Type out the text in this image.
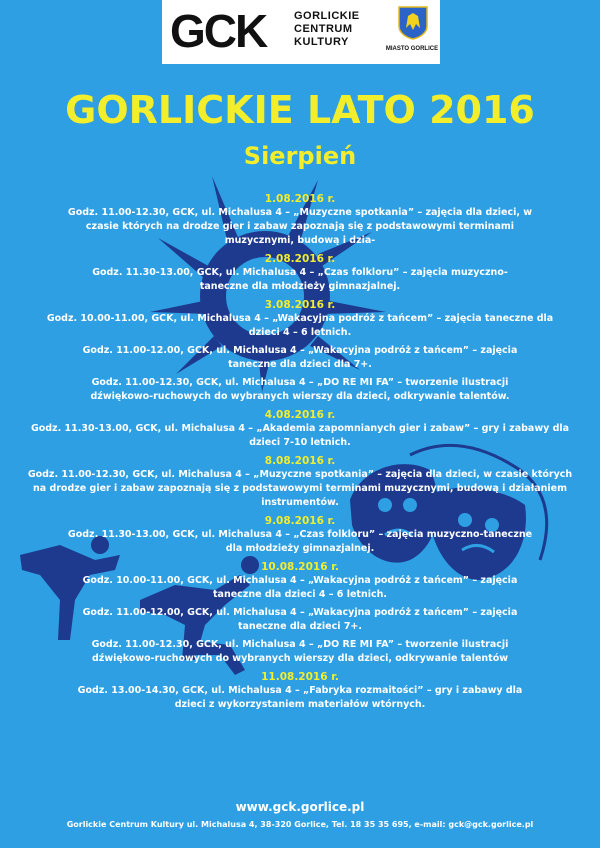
GCK	GORLICKIE
CENTRUM
KULTURY
MIASTO GORLICE
GORLICKIE LATO 2016
Sierpień
1.08.2016 r.
Godz. 11.00-12.30, GCK, ul. Michalusa 4 – „Muzyczne spotkania” – zajęcia dla dzieci, w czasie których na drodze gier i zabaw zapoznają się z podstawowymi terminami muzycznymi, budową i dzia-
2.08.2016 r.
Godz. 11.30-13.00, GCK, ul. Michalusa 4 – „Czas folkloru” – zajęcia muzyczno-taneczne dla młodzieży gimnazjalnej.
3.08.2016 r.
Godz. 10.00-11.00, GCK, ul. Michalusa 4 – „Wakacyjna podróż z tańcem” – zajęcia taneczne dla dzieci 4 – 6 letnich.
Godz. 11.00-12.00, GCK, ul. Michalusa 4 – „Wakacyjna podróż z tańcem” – zajęcia taneczne dla dzieci dla 7+.
Godz. 11.00-12.30, GCK, ul. Michalusa 4 – „DO RE MI FA” – tworzenie ilustracji dźwiękowo-ruchowych do wybranych wierszy dla dzieci, odkrywanie talentów.
4.08.2016 r.
Godz. 11.30-13.00, GCK, ul. Michalusa 4 – „Akademia zapomnianych gier i zabaw” – gry i zabawy dla dzieci 7-10 letnich.
8.08.2016 r.
Godz. 11.00-12.30, GCK, ul. Michalusa 4 – „Muzyczne spotkania” – zajęcia dla dzieci, w czasie których na drodze gier i zabaw zapoznają się z podstawowymi terminami muzycznymi, budową i działaniem instrumentów.
9.08.2016 r.
Godz. 11.30-13.00, GCK, ul. Michalusa 4 – „Czas folkloru” – zajęcia muzyczno-taneczne dla młodzieży gimnazjalnej.
10.08.2016 r.
Godz. 10.00-11.00, GCK, ul. Michalusa 4 – „Wakacyjna podróż z tańcem” – zajęcia taneczne dla dzieci 4 – 6 letnich.
Godz. 11.00-12.00, GCK, ul. Michalusa 4 – „Wakacyjna podróż z tańcem” – zajęcia taneczne dla dzieci 7+.
Godz. 11.00-12.30, GCK, ul. Michalusa 4 – „DO RE MI FA” – tworzenie ilustracji dźwiękowo-ruchowych do wybranych wierszy dla dzieci, odkrywanie talentów
11.08.2016 r.
Godz. 13.00-14.30, GCK, ul. Michalusa 4 – „Fabryka rozmaitości” – gry i zabawy dla dzieci z wykorzystaniem materiałów wtórnych.
www.gck.gorlice.pl
Gorlickie Centrum Kultury ul. Michalusa 4, 38-320 Gorlice, Tel. 18 35 35 695, e-mail: gck@gck.gorlice.pl
